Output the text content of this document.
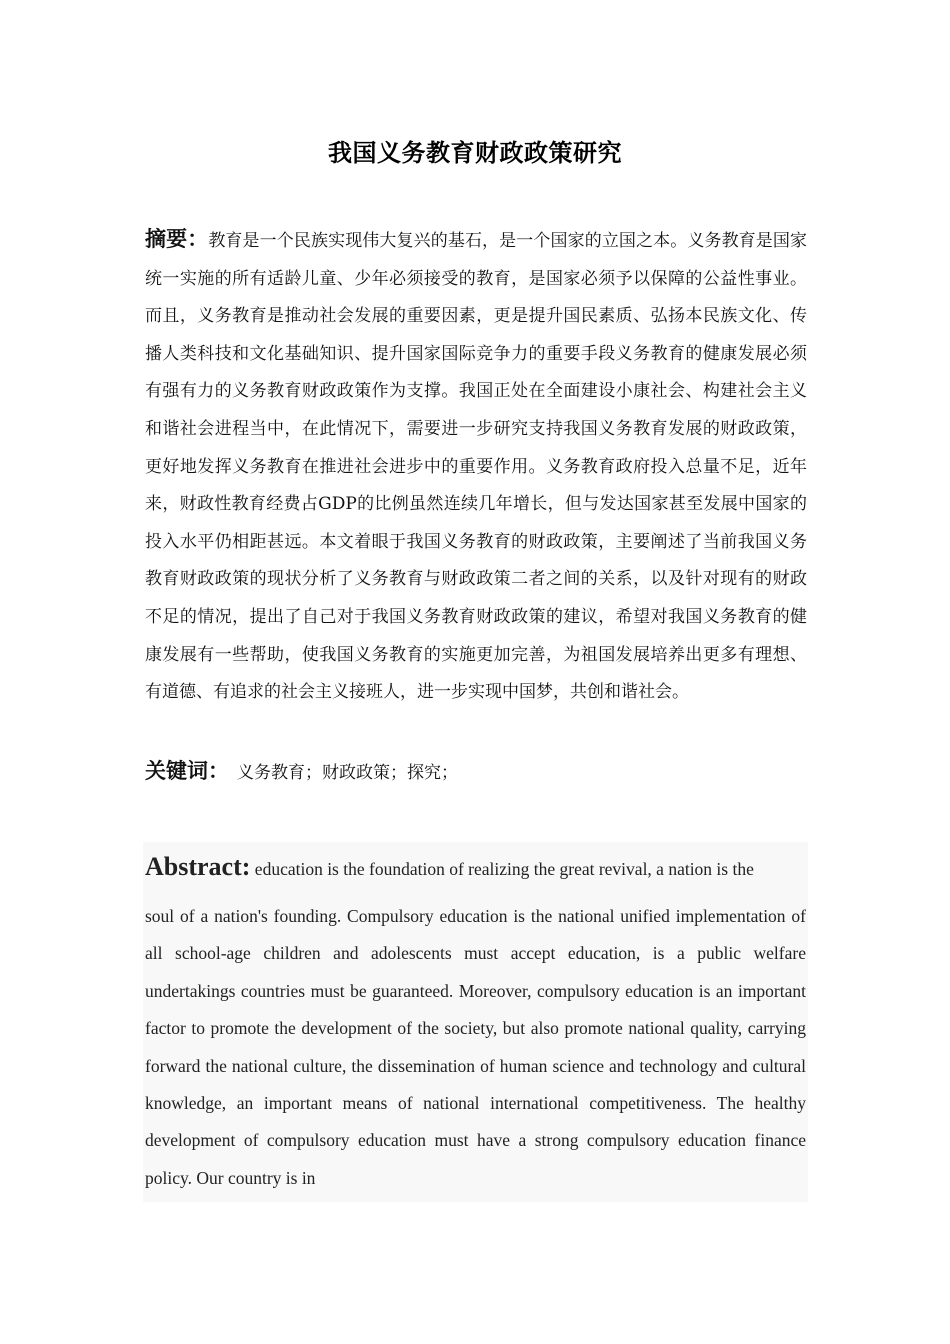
我国义务教育财政政策研究
摘要：教育是一个民族实现伟大复兴的基石，是一个国家的立国之本。义务教育是国家统一实施的所有适龄儿童、少年必须接受的教育，是国家必须予以保障的公益性事业。而且，义务教育是推动社会发展的重要因素，更是提升国民素质、弘扬本民族文化、传播人类科技和文化基础知识、提升国家国际竞争力的重要手段义务教育的健康发展必须有强有力的义务教育财政政策作为支撑。我国正处在全面建设小康社会、构建社会主义和谐社会进程当中，在此情况下，需要进一步研究支持我国义务教育发展的财政政策，更好地发挥义务教育在推进社会进步中的重要作用。义务教育政府投入总量不足，近年来，财政性教育经费占GDP的比例虽然连续几年增长，但与发达国家甚至发展中国家的投入水平仍相距甚远。本文着眼于我国义务教育的财政政策，主要阐述了当前我国义务教育财政政策的现状分析了义务教育与财政政策二者之间的关系，以及针对现有的财政不足的情况，提出了自己对于我国义务教育财政政策的建议，希望对我国义务教育的健康发展有一些帮助，使我国义务教育的实施更加完善，为祖国发展培养出更多有理想、有道德、有追求的社会主义接班人，进一步实现中国梦，共创和谐社会。
关键词： 义务教育；财政政策；探究；
Abstract: education is the foundation of realizing the great revival, a nation is the
soul of a nation's founding. Compulsory education is the national unified implementation of all school-age children and adolescents must accept education, is a public welfare undertakings countries must be guaranteed. Moreover, compulsory education is an important factor to promote the development of the society, but also promote national quality, carrying forward the national culture, the dissemination of human science and technology and cultural knowledge, an important means of national international competitiveness. The healthy development of compulsory education must have a strong compulsory education finance policy. Our country is in
